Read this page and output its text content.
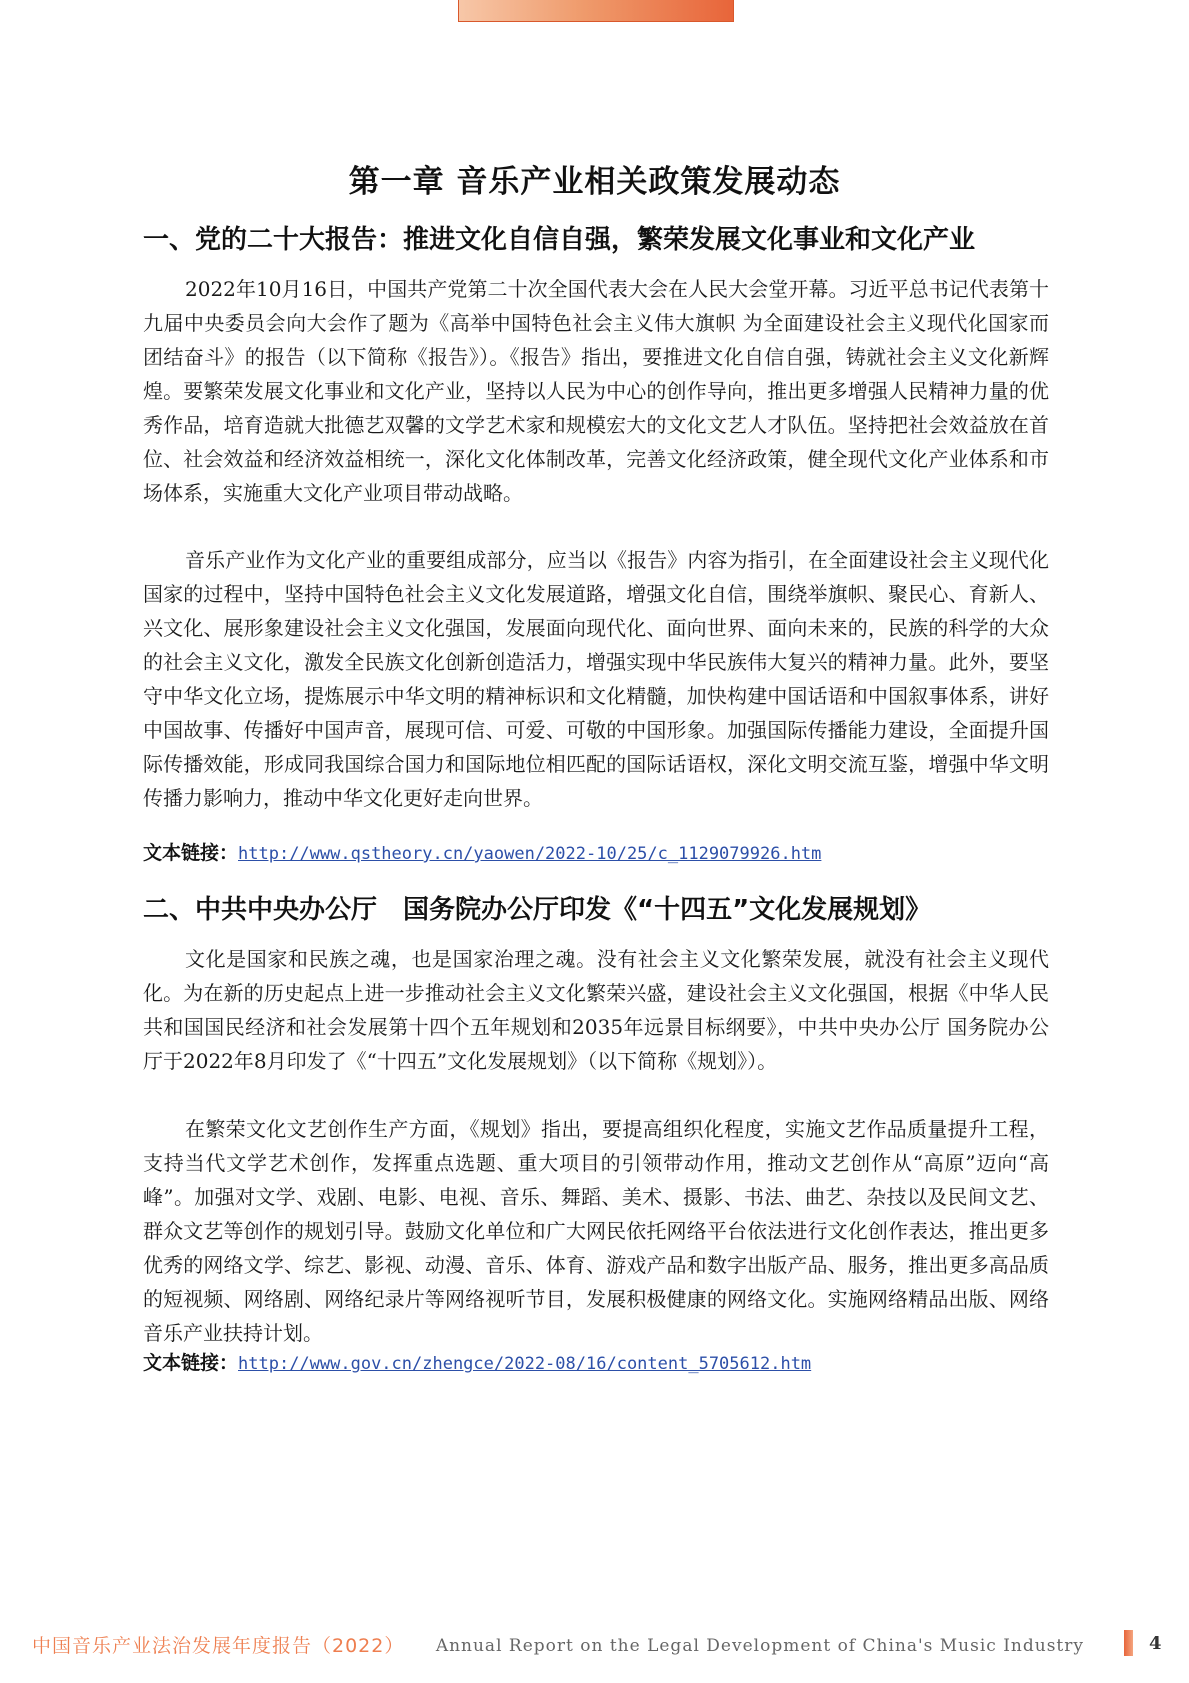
第一章 音乐产业相关政策发展动态
一、党的二十大报告：推进文化自信自强，繁荣发展文化事业和文化产业

2022年10月16日，中国共产党第二十次全国代表大会在人民大会堂开幕。习近平总书记代表第十九届中央委员会向大会作了题为《高举中国特色社会主义伟大旗帜 为全面建设社会主义现代化国家而团结奋斗》的报告（以下简称《报告》）。《报告》指出，要推进文化自信自强，铸就社会主义文化新辉煌。要繁荣发展文化事业和文化产业，坚持以人民为中心的创作导向，推出更多增强人民精神力量的优秀作品，培育造就大批德艺双馨的文学艺术家和规模宏大的文化文艺人才队伍。坚持把社会效益放在首位、社会效益和经济效益相统一，深化文化体制改革，完善文化经济政策，健全现代文化产业体系和市场体系，实施重大文化产业项目带动战略。

音乐产业作为文化产业的重要组成部分，应当以《报告》内容为指引，在全面建设社会主义现代化国家的过程中，坚持中国特色社会主义文化发展道路，增强文化自信，围绕举旗帜、聚民心、育新人、兴文化、展形象建设社会主义文化强国，发展面向现代化、面向世界、面向未来的，民族的科学的大众的社会主义文化，激发全民族文化创新创造活力，增强实现中华民族伟大复兴的精神力量。此外，要坚守中华文化立场，提炼展示中华文明的精神标识和文化精髓，加快构建中国话语和中国叙事体系，讲好中国故事、传播好中国声音，展现可信、可爱、可敬的中国形象。加强国际传播能力建设，全面提升国际传播效能，形成同我国综合国力和国际地位相匹配的国际话语权，深化文明交流互鉴，增强中华文明传播力影响力，推动中华文化更好走向世界。

文本链接：http://www.qstheory.cn/yaowen/2022-10/25/c_1129079926.htm

二、中共中央办公厅　国务院办公厅印发《“十四五”文化发展规划》

文化是国家和民族之魂，也是国家治理之魂。没有社会主义文化繁荣发展，就没有社会主义现代化。为在新的历史起点上进一步推动社会主义文化繁荣兴盛，建设社会主义文化强国，根据《中华人民共和国国民经济和社会发展第十四个五年规划和2035年远景目标纲要》，中共中央办公厅 国务院办公厅于2022年8月印发了《“十四五”文化发展规划》（以下简称《规划》）。

在繁荣文化文艺创作生产方面，《规划》指出，要提高组织化程度，实施文艺作品质量提升工程，支持当代文学艺术创作，发挥重点选题、重大项目的引领带动作用，推动文艺创作从“高原”迈向“高峰”。加强对文学、戏剧、电影、电视、音乐、舞蹈、美术、摄影、书法、曲艺、杂技以及民间文艺、群众文艺等创作的规划引导。鼓励文化单位和广大网民依托网络平台依法进行文化创作表达，推出更多优秀的网络文学、综艺、影视、动漫、音乐、体育、游戏产品和数字出版产品、服务，推出更多高品质的短视频、网络剧、网络纪录片等网络视听节目，发展积极健康的网络文化。实施网络精品出版、网络音乐产业扶持计划。

文本链接：http://www.gov.cn/zhengce/2022-08/16/content_5705612.htm

中国音乐产业法治发展年度报告（2022） Annual Report on the Legal Development of China's Music Industry	4
